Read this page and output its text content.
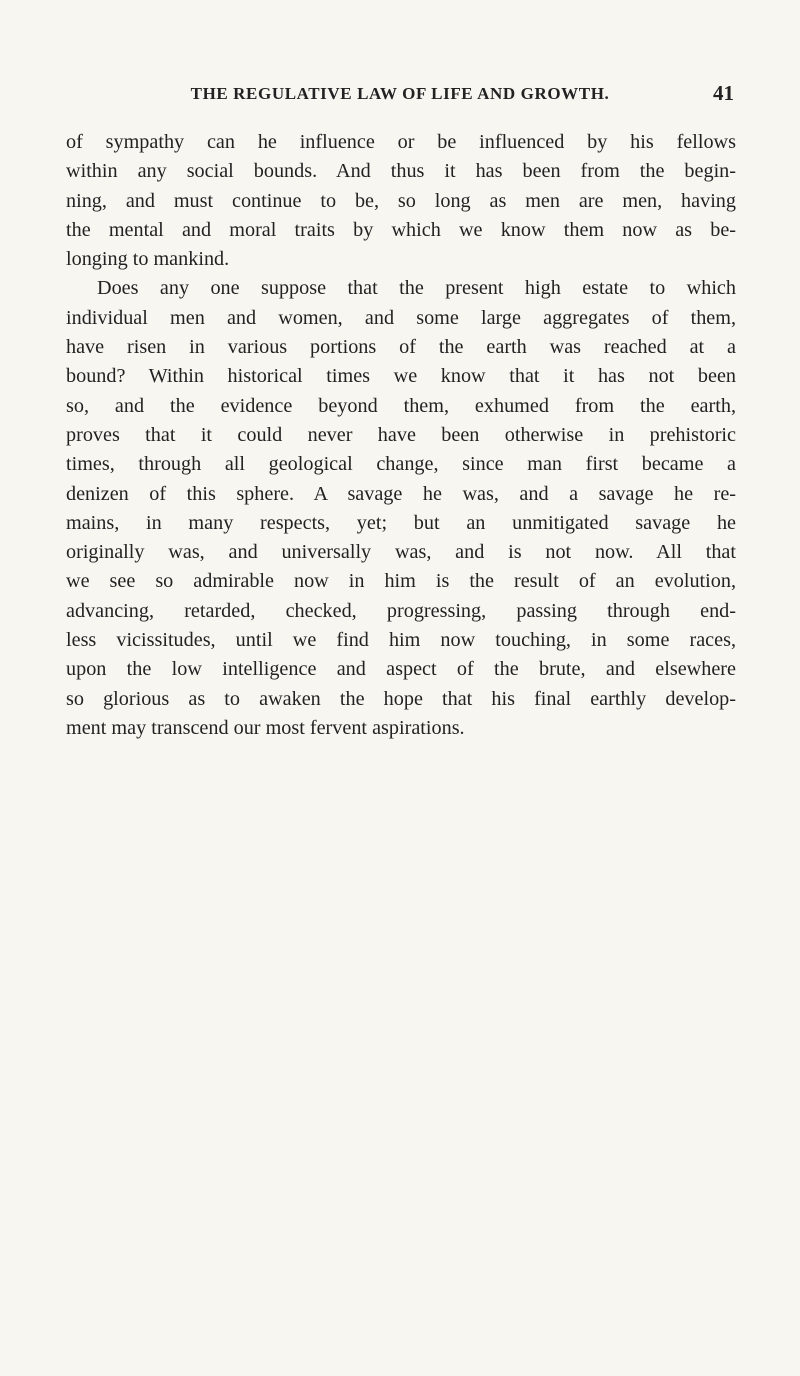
THE REGULATIVE LAW OF LIFE AND GROWTH.	41

of sympathy can he influence or be influenced by his fellows

within any social bounds. And thus it has been from the begin-

ning, and must continue to be, so long as men are men, having

the mental and moral traits by which we know them now as be-

longing to mankind.

Does any one suppose that the present high estate to which

individual men and women, and some large aggregates of them,

have risen in various portions of the earth was reached at a

bound? Within historical times we know that it has not been

so, and the evidence beyond them, exhumed from the earth,

proves that it could never have been otherwise in prehistoric

times, through all geological change, since man first became a

denizen of this sphere. A savage he was, and a savage he re-

mains, in many respects, yet; but an unmitigated savage he

originally was, and universally was, and is not now. All that

we see so admirable now in him is the result of an evolution,

advancing, retarded, checked, progressing, passing through end-

less vicissitudes, until we find him now touching, in some races,

upon the low intelligence and aspect of the brute, and elsewhere

so glorious as to awaken the hope that his final earthly develop-

ment may transcend our most fervent aspirations.
